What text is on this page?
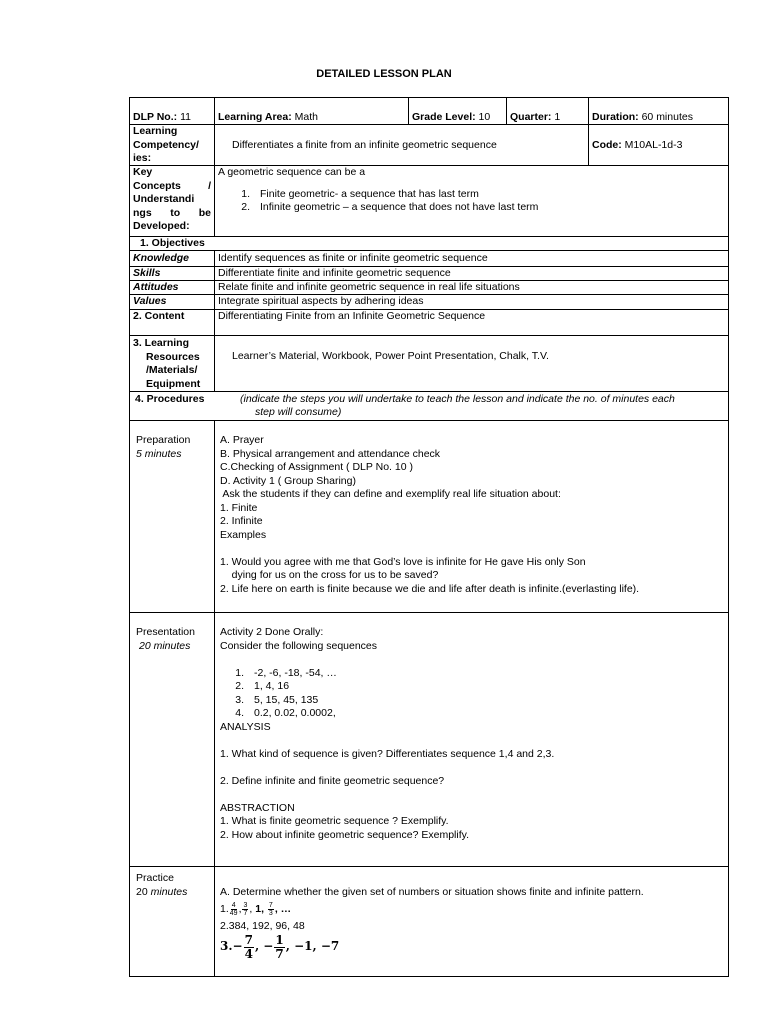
DETAILED LESSON PLAN
DLP No.: 11	Learning Area: Math	Grade Level: 10	Quarter: 1	Duration: 60 minutes
Learning
Competency/
ies:
Differentiates a finite from an infinite geometric sequence	Code: M10AL-1d-3
Key
Concepts	/
Understandi
ngs to be
Developed:
A geometric sequence can be a
1. Finite geometric- a sequence that has last term
2. Infinite geometric – a sequence that does not have last term
1. Objectives
Knowledge	Identify sequences as finite or infinite geometric sequence
Skills	Differentiate finite and infinite geometric sequence
Attitudes	Relate finite and infinite geometric sequence in real life situations
Values	Integrate spiritual aspects by adhering ideas
2. Content	Differentiating Finite from an Infinite Geometric Sequence
3. Learning
Resources
/Materials/
Equipment
Learner’s Material, Workbook, Power Point Presentation, Chalk, T.V.
4. Procedures	(indicate the steps you will undertake to teach the lesson and indicate the no. of minutes each
step will consume)
Preparation
5 minutes
A. Prayer
B. Physical arrangement and attendance check
C.Checking of Assignment ( DLP No. 10 )
D. Activity 1 ( Group Sharing)
Ask the students if they can define and exemplify real life situation about:
1. Finite
2. Infinite
Examples
1. Would you agree with me that God’s love is infinite for He gave His only Son
dying for us on the cross for us to be saved?
2. Life here on earth is finite because we die and life after death is infinite.(everlasting life).
Presentation
20 minutes
Activity 2 Done Orally:
Consider the following sequences
1. -2, -6, -18, -54, …
2. 1, 4, 16
3. 5, 15, 45, 135
4. 0.2, 0.02, 0.0002,
ANALYSIS
1. What kind of sequence is given? Differentiates sequence 1,4 and 2,3.
2. Define infinite and finite geometric sequence?
ABSTRACTION
1. What is finite geometric sequence ? Exemplify.
2. How about infinite geometric sequence? Exemplify.
Practice
20 minutes	A. Determine whether the given set of numbers or situation shows finite and infinite pattern.
1. $\frac{4}{49}$ , $\frac{3}{7}$ , 1,
$\frac{7}{3}$ , …
2.384, 192, 96, 48
$3.- \frac{7}{4}$ , − $\frac{1}{7}$ , −1, −7
